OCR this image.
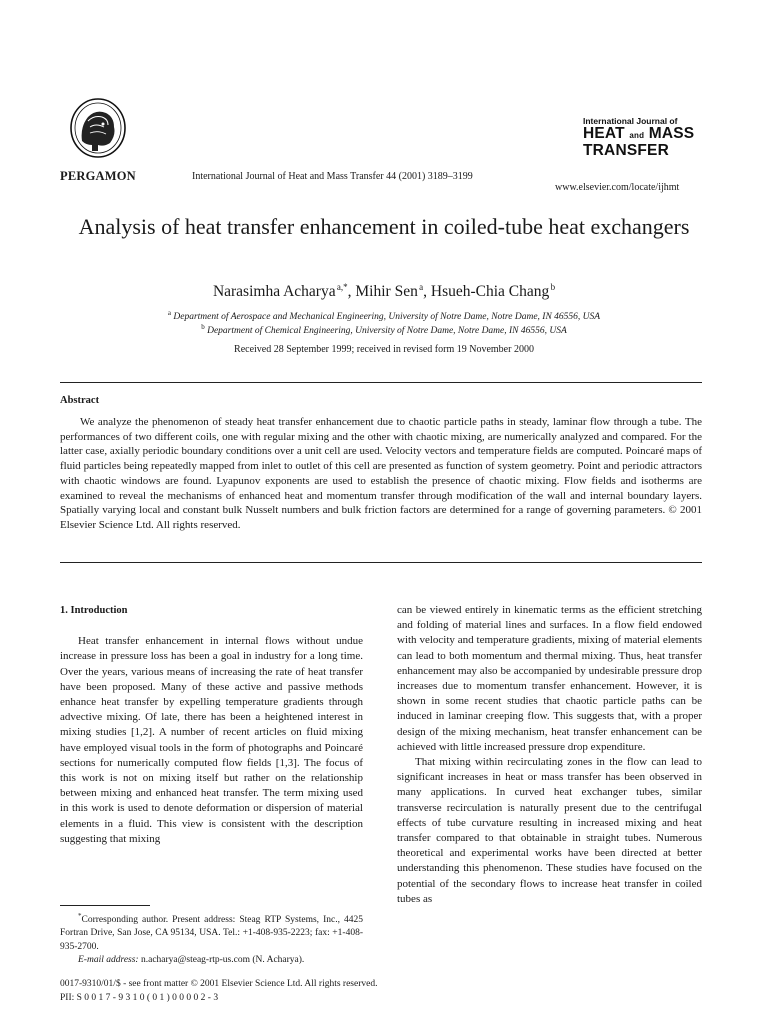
PERGAMON	International Journal of Heat and Mass Transfer 44 (2001) 3189–3199
International Journal of
HEAT and MASS
TRANSFER
www.elsevier.com/locate/ijhmt
Analysis of heat transfer enhancement in coiled-tube heat exchangers
Narasimha Acharya $^{a,*}$, Mihir Sen $^a$, Hsueh-Chia Chang $^b$
$^a$ Department of Aerospace and Mechanical Engineering, University of Notre Dame, Notre Dame, IN 46556, USA
$^b$ Department of Chemical Engineering, University of Notre Dame, Notre Dame, IN 46556, USA
Received 28 September 1999; received in revised form 19 November 2000
Abstract
We analyze the phenomenon of steady heat transfer enhancement due to chaotic particle paths in steady, laminar flow through a tube. The performances of two different coils, one with regular mixing and the other with chaotic mixing, are numerically analyzed and compared. For the latter case, axially periodic boundary conditions over a unit cell are used. Velocity vectors and temperature fields are computed. Poincaré maps of fluid particles being repeatedly mapped from inlet to outlet of this cell are presented as function of system geometry. Point and periodic attractors with chaotic windows are found. Lyapunov exponents are used to establish the presence of chaotic mixing. Flow fields and isotherms are examined to reveal the mechanisms of enhanced heat and momentum transfer through modification of the wall and internal boundary layers. Spatially varying local and constant bulk Nusselt numbers and bulk friction factors are determined for a range of governing parameters. © 2001 Elsevier Science Ltd. All rights reserved.

1. Introduction

Heat transfer enhancement in internal flows without undue increase in pressure loss has been a goal in industry for a long time. Over the years, various means of increasing the rate of heat transfer have been proposed. Many of these active and passive methods enhance heat transfer by expelling temperature gradients through advective mixing. Of late, there has been a heightened interest in mixing studies [1,2]. A number of recent articles on fluid mixing have employed visual tools in the form of photographs and Poincaré sections for numerically computed flow fields [1,3]. The focus of this work is not on mixing itself but rather on the relationship between mixing and enhanced heat transfer. The term mixing used in this work is used to denote deformation or dispersion of material elements in a fluid. This view is consistent with the description suggesting that mixing

can be viewed entirely in kinematic terms as the efficient stretching and folding of material lines and surfaces. In a flow field endowed with velocity and temperature gradients, mixing of material elements can lead to both momentum and thermal mixing. Thus, heat transfer enhancement may also be accompanied by undesirable pressure drop increases due to momentum transfer enhancement. However, it is shown in some recent studies that chaotic particle paths can be induced in laminar creeping flow. This suggests that, with a proper design of the mixing mechanism, heat transfer enhancement can be achieved with little increased pressure drop expenditure.

That mixing within recirculating zones in the flow can lead to significant increases in heat or mass transfer has been observed in many applications. In curved heat exchanger tubes, similar transverse recirculation is naturally present due to the centrifugal effects of tube curvature resulting in increased mixing and heat transfer compared to that obtainable in straight tubes. Numerous theoretical and experimental works have been directed at better understanding this phenomenon. These studies have focused on the potential of the secondary flows to increase heat transfer in coiled tubes as

*Corresponding author. Present address: Steag RTP Systems, Inc., 4425 Fortran Drive, San Jose, CA 95134, USA. Tel.: +1-408-935-2223; fax: +1-408-935-2700.

E-mail address: n.acharya@steag-rtp-us.com (N. Acharya).

0017-9310/01/$ - see front matter © 2001 Elsevier Science Ltd. All rights reserved.
PII: S 0 0 1 7 - 9 3 1 0 ( 0 1 ) 0 0 0 0 2 - 3
